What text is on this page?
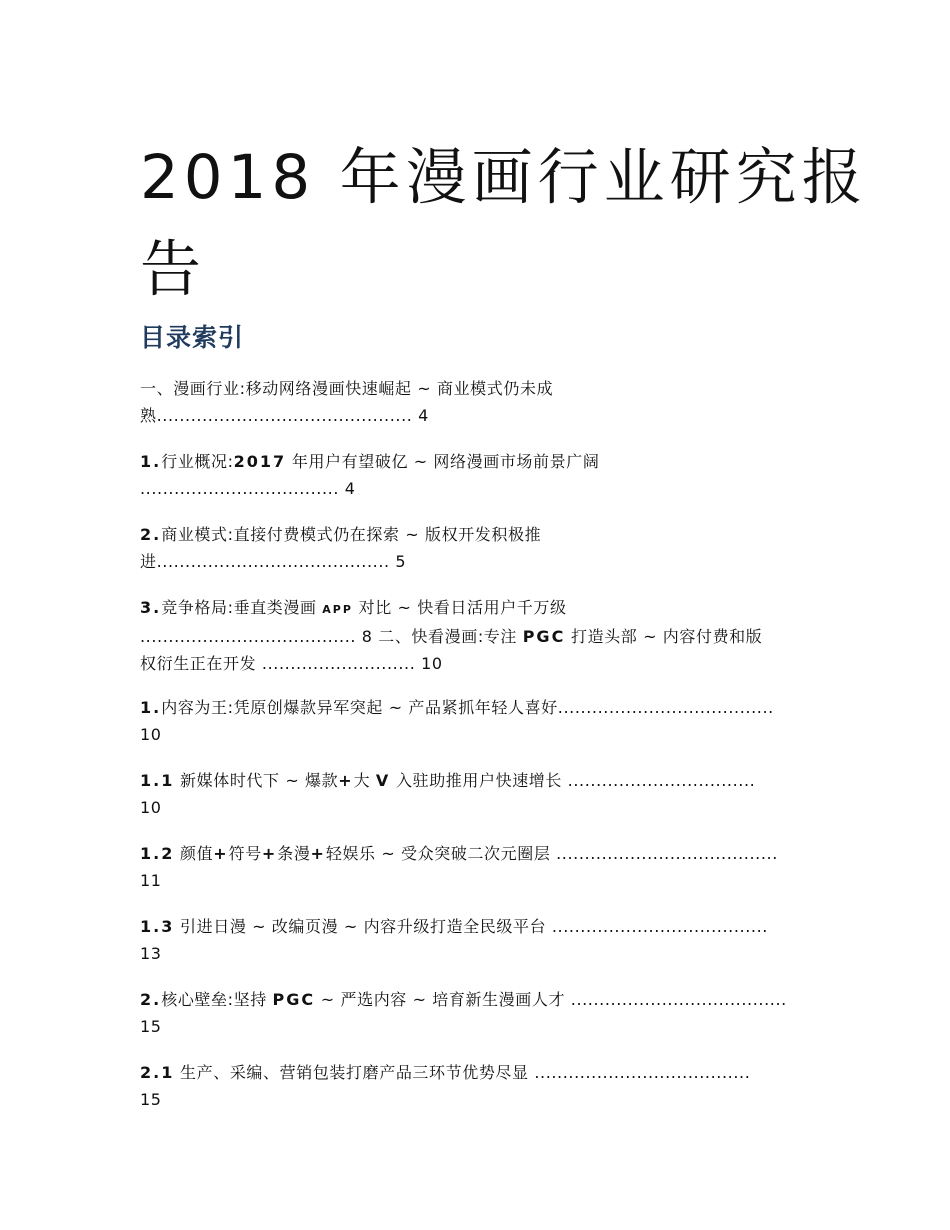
2018 年漫画行业研究报
告
目录索引
一、漫画行业:移动网络漫画快速崛起 ~ 商业模式仍未成
熟............................................. 4
1.行业概况:2017 年用户有望破亿 ~ 网络漫画市场前景广阔
................................... 4
2.商业模式:直接付费模式仍在探索 ~ 版权开发积极推
进......................................... 5
3.竞争格局:垂直类漫画 APP 对比 ~ 快看日活用户千万级
...................................... 8 二、快看漫画:专注 PGC 打造头部 ~ 内容付费和版
权衍生正在开发 ........................... 10
1.内容为王:凭原创爆款异军突起 ~ 产品紧抓年轻人喜好......................................
10
1.1 新媒体时代下 ~ 爆款+大 V 入驻助推用户快速增长 .................................
10
1.2 颜值+符号+条漫+轻娱乐 ~ 受众突破二次元圈层 .......................................
11
1.3 引进日漫 ~ 改编页漫 ~ 内容升级打造全民级平台 ......................................
13
2.核心壁垒:坚持 PGC ~ 严选内容 ~ 培育新生漫画人才 ......................................
15
2.1 生产、采编、营销包装打磨产品三环节优势尽显 ......................................
15
